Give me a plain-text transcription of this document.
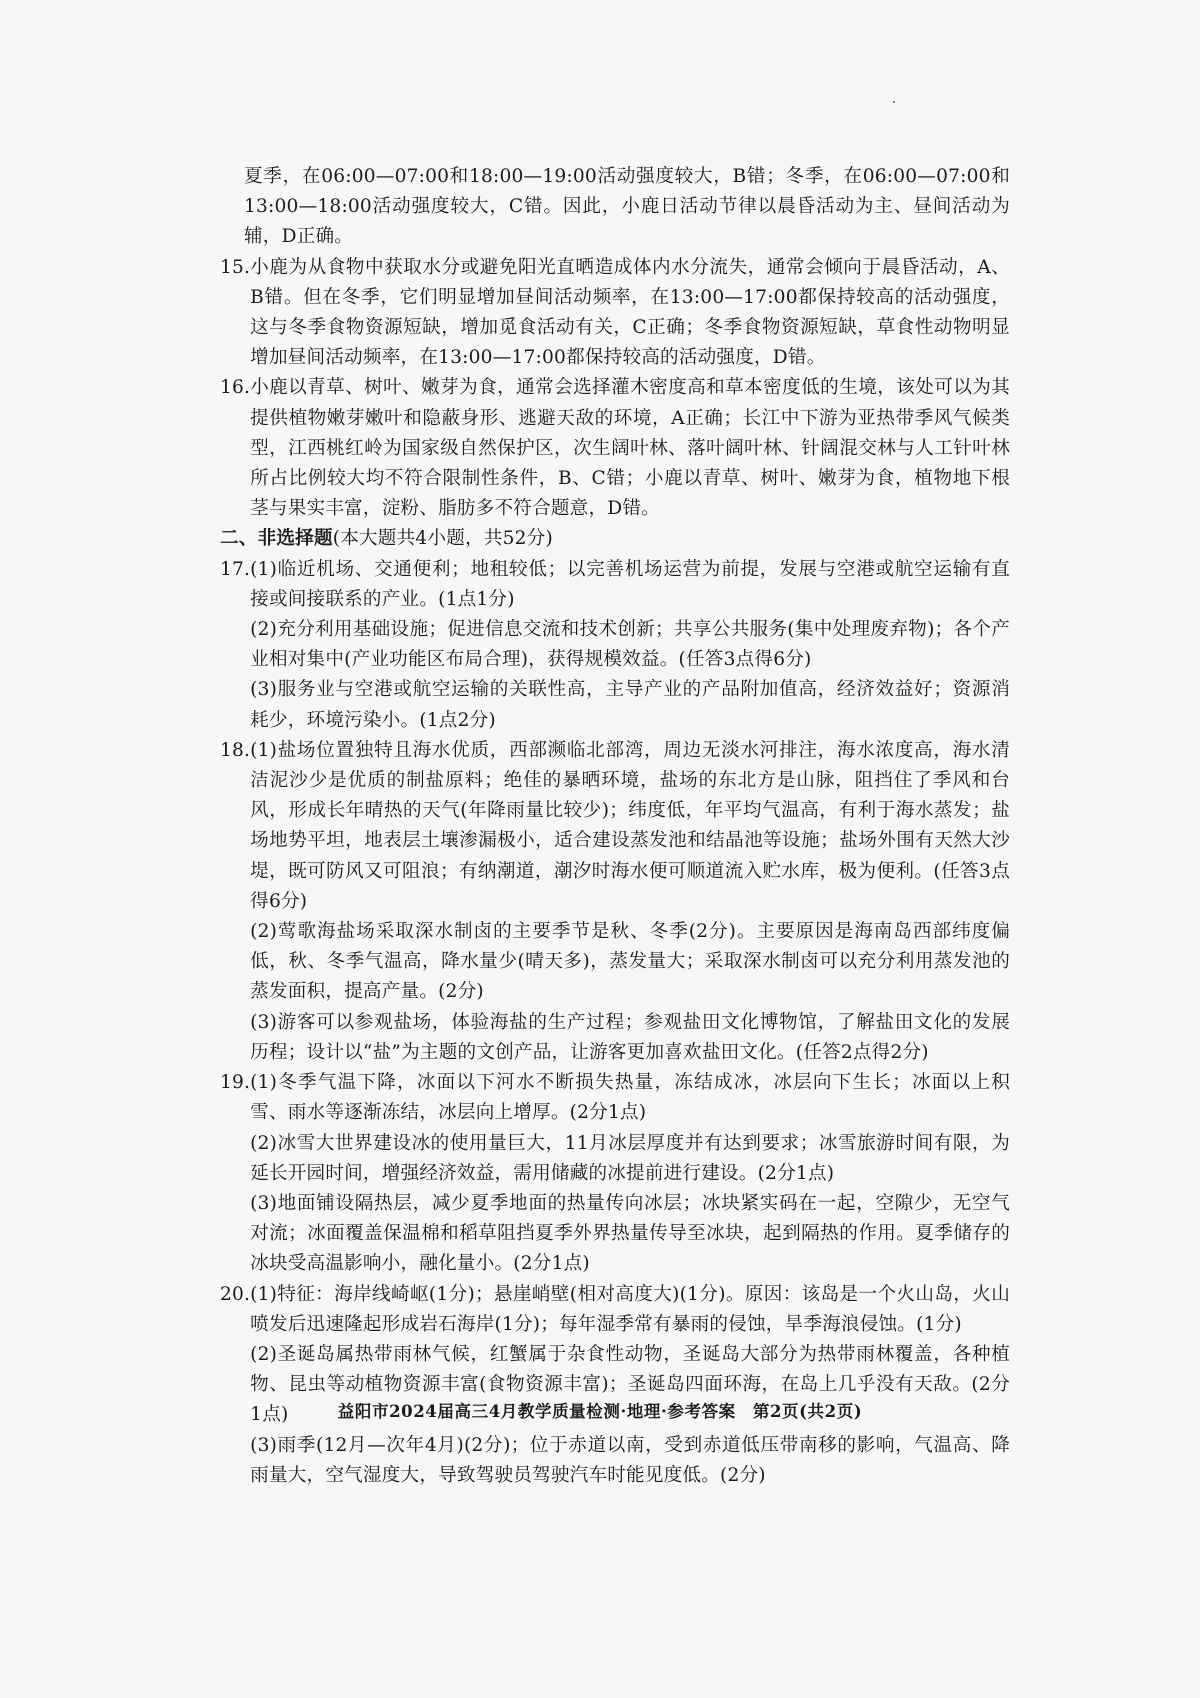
夏季，在06:00—07:00和18:00—19:00活动强度较大，B错；冬季，在06:00—07:00和13:00—18:00活动强度较大，C错。因此，小鹿日活动节律以晨昏活动为主、昼间活动为辅，D正确。

15. 小鹿为从食物中获取水分或避免阳光直晒造成体内水分流失，通常会倾向于晨昏活动，A、B错。但在冬季，它们明显增加昼间活动频率，在13:00—17:00都保持较高的活动强度，这与冬季食物资源短缺，增加觅食活动有关，C正确；冬季食物资源短缺，草食性动物明显增加昼间活动频率，在13:00—17:00都保持较高的活动强度，D错。
16. 小鹿以青草、树叶、嫩芽为食，通常会选择灌木密度高和草本密度低的生境，该处可以为其提供植物嫩芽嫩叶和隐蔽身形、逃避天敌的环境，A正确；长江中下游为亚热带季风气候类型，江西桃红岭为国家级自然保护区，次生阔叶林、落叶阔叶林、针阔混交林与人工针叶林所占比例较大均不符合限制性条件，B、C错；小鹿以青草、树叶、嫩芽为食，植物地下根茎与果实丰富，淀粉、脂肪多不符合题意，D错。

二、非选择题(本大题共4小题，共52分)

17. (1)临近机场、交通便利；地租较低；以完善机场运营为前提，发展与空港或航空运输有直接或间接联系的产业。(1点1分)

(2)充分利用基础设施；促进信息交流和技术创新；共享公共服务(集中处理废弃物)；各个产业相对集中(产业功能区布局合理)，获得规模效益。(任答3点得6分)

(3)服务业与空港或航空运输的关联性高，主导产业的产品附加值高，经济效益好；资源消耗少，环境污染小。(1点2分)

18. (1)盐场位置独特且海水优质，西部濒临北部湾，周边无淡水河排注，海水浓度高，海水清洁泥沙少是优质的制盐原料；绝佳的暴晒环境，盐场的东北方是山脉，阻挡住了季风和台风，形成长年晴热的天气(年降雨量比较少)；纬度低，年平均气温高，有利于海水蒸发；盐场地势平坦，地表层土壤渗漏极小，适合建设蒸发池和结晶池等设施；盐场外围有天然大沙堤，既可防风又可阻浪；有纳潮道，潮汐时海水便可顺道流入贮水库，极为便利。(任答3点得6分)

(2)莺歌海盐场采取深水制卤的主要季节是秋、冬季(2分)。主要原因是海南岛西部纬度偏低，秋、冬季气温高，降水量少(晴天多)，蒸发量大；采取深水制卤可以充分利用蒸发池的蒸发面积，提高产量。(2分)

(3)游客可以参观盐场，体验海盐的生产过程；参观盐田文化博物馆，了解盐田文化的发展历程；设计以“盐”为主题的文创产品，让游客更加喜欢盐田文化。(任答2点得2分)

19. (1)冬季气温下降，冰面以下河水不断损失热量，冻结成冰，冰层向下生长；冰面以上积雪、雨水等逐渐冻结，冰层向上增厚。(2分1点)

(2)冰雪大世界建设冰的使用量巨大，11月冰层厚度并有达到要求；冰雪旅游时间有限，为延长开园时间，增强经济效益，需用储藏的冰提前进行建设。(2分1点)

(3)地面铺设隔热层，减少夏季地面的热量传向冰层；冰块紧实码在一起，空隙少，无空气对流；冰面覆盖保温棉和稻草阻挡夏季外界热量传导至冰块，起到隔热的作用。夏季储存的冰块受高温影响小，融化量小。(2分1点)

20. (1)特征：海岸线崎岖(1分)；悬崖峭壁(相对高度大)(1分)。原因：该岛是一个火山岛，火山喷发后迅速隆起形成岩石海岸(1分)；每年湿季常有暴雨的侵蚀，旱季海浪侵蚀。(1分)

(2)圣诞岛属热带雨林气候，红蟹属于杂食性动物，圣诞岛大部分为热带雨林覆盖，各种植物、昆虫等动植物资源丰富(食物资源丰富)；圣诞岛四面环海，在岛上几乎没有天敌。(2分1点)

(3)雨季(12月—次年4月)(2分)；位于赤道以南，受到赤道低压带南移的影响，气温高、降雨量大，空气湿度大，导致驾驶员驾驶汽车时能见度低。(2分)

益阳市2024届高三4月教学质量检测·地理·参考答案　第2页(共2页)
